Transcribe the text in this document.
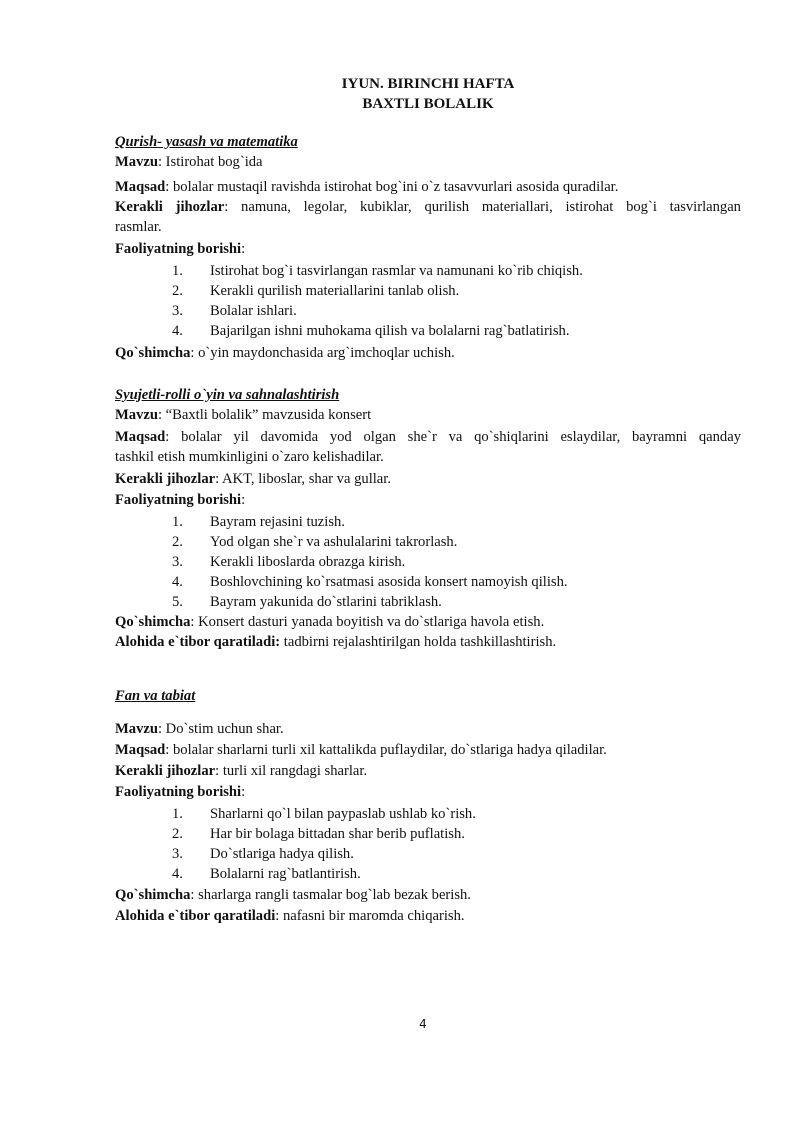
IYUN. BIRINCHI HAFTA
BAXTLI BOLALIK
Qurish- yasash va matematika
Mavzu: Istirohat bog`ida
Maqsad: bolalar mustaqil ravishda istirohat bog`ini o`z tasavvurlari asosida quradilar.
Kerakli jihozlar: namuna, legolar, kubiklar, qurilish materiallari, istirohat bog`i tasvirlangan
rasmlar.
Faoliyatning borishi:
1.	Istirohat bog`i tasvirlangan rasmlar va namunani ko`rib chiqish.
2.	Kerakli qurilish materiallarini tanlab olish.
3.	Bolalar ishlari.
4.	Bajarilgan ishni muhokama qilish va bolalarni rag`batlatirish.
Qo`shimcha: o`yin maydonchasida arg`imchoqlar uchish.
Syujetli-rolli o`yin va sahnalashtirish
Mavzu: “Baxtli bolalik” mavzusida konsert
Maqsad: bolalar yil davomida yod olgan she`r va qo`shiqlarini eslaydilar, bayramni qanday
tashkil etish mumkinligini o`zaro kelishadilar.
Kerakli jihozlar: AKT, liboslar, shar va gullar.
Faoliyatning borishi:
1.	Bayram rejasini tuzish.
2.	Yod olgan she`r va ashulalarini takrorlash.
3.	Kerakli liboslarda obrazga kirish.
4.	Boshlovchining ko`rsatmasi asosida konsert namoyish qilish.
5.	Bayram yakunida do`stlarini tabriklash.
Qo`shimcha: Konsert dasturi yanada boyitish va do`stlariga havola etish.
Alohida e`tibor qaratiladi: tadbirni rejalashtirilgan holda tashkillashtirish.
Fan va tabiat
Mavzu: Do`stim uchun shar.
Maqsad: bolalar sharlarni turli xil kattalikda puflaydilar, do`stlariga hadya qiladilar.
Kerakli jihozlar: turli xil rangdagi sharlar.
Faoliyatning borishi:
1.	Sharlarni qo`l bilan paypaslab ushlab ko`rish.
2.	Har bir bolaga bittadan shar berib puflatish.
3.	Do`stlariga hadya qilish.
4.	Bolalarni rag`batlantirish.
Qo`shimcha: sharlarga rangli tasmalar bog`lab bezak berish.
Alohida e`tibor qaratiladi: nafasni bir maromda chiqarish.
4
